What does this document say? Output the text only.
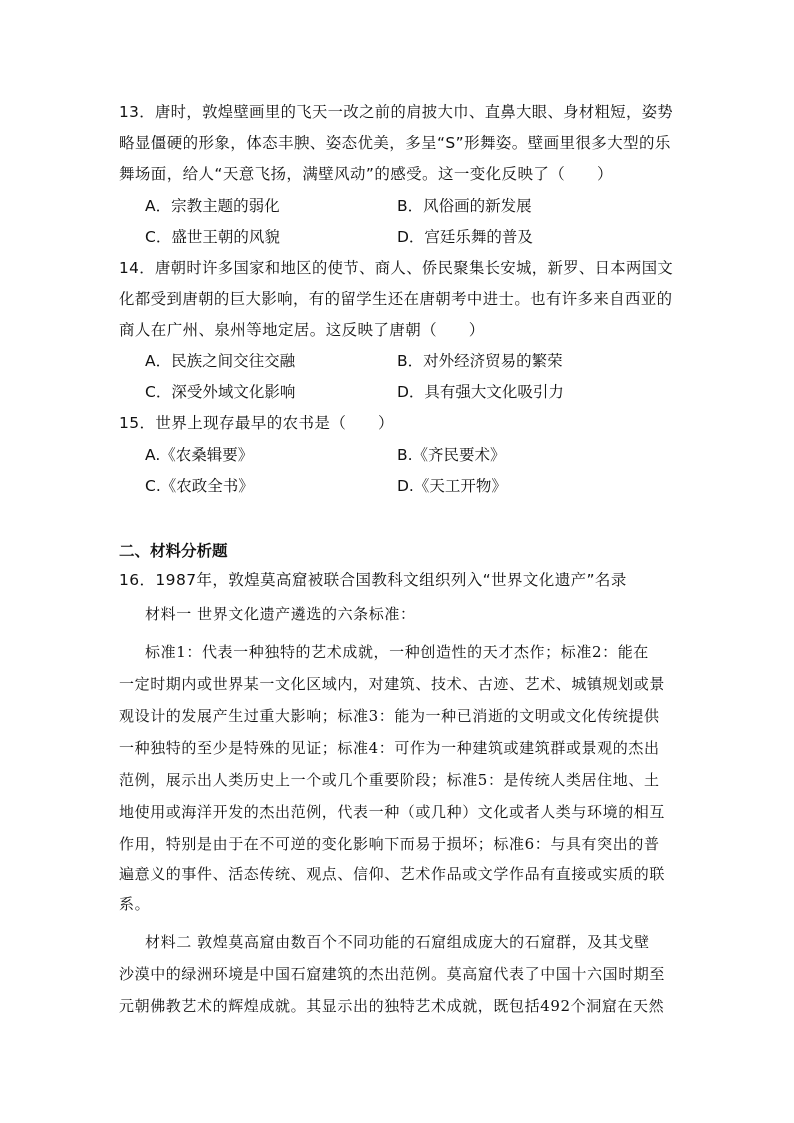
13．唐时，敦煌壁画里的飞天一改之前的肩披大巾、直鼻大眼、身材粗短，姿势
略显僵硬的形象，体态丰腴、姿态优美，多呈“S”形舞姿。壁画里很多大型的乐
舞场面，给人“天意飞扬，满壁风动”的感受。这一变化反映了（　　）
A．宗教主题的弱化	B．风俗画的新发展
C．盛世王朝的风貌	D．宫廷乐舞的普及
14．唐朝时许多国家和地区的使节、商人、侨民聚集长安城，新罗、日本两国文
化都受到唐朝的巨大影响，有的留学生还在唐朝考中进士。也有许多来自西亚的
商人在广州、泉州等地定居。这反映了唐朝（　　）
A．民族之间交往交融	B．对外经济贸易的繁荣
C．深受外域文化影响	D．具有强大文化吸引力
15．世界上现存最早的农书是（　　）
A.《农桑辑要》	B.《齐民要术》
C.《农政全书》	D.《天工开物》
二、材料分析题
16．1987年，敦煌莫高窟被联合国教科文组织列入“世界文化遗产”名录
材料一 世界文化遗产遴选的六条标准：
标准1：代表一种独特的艺术成就，一种创造性的天才杰作；标准2：能在
一定时期内或世界某一文化区域内，对建筑、技术、古迹、艺术、城镇规划或景
观设计的发展产生过重大影响；标准3：能为一种已消逝的文明或文化传统提供
一种独特的至少是特殊的见证；标准4：可作为一种建筑或建筑群或景观的杰出
范例，展示出人类历史上一个或几个重要阶段；标准5：是传统人类居住地、土
地使用或海洋开发的杰出范例，代表一种（或几种）文化或者人类与环境的相互
作用，特别是由于在不可逆的变化影响下而易于损坏；标准6：与具有突出的普
遍意义的事件、活态传统、观点、信仰、艺术作品或文学作品有直接或实质的联
系。
材料二 敦煌莫高窟由数百个不同功能的石窟组成庞大的石窟群，及其戈壁
沙漠中的绿洲环境是中国石窟建筑的杰出范例。莫高窟代表了中国十六国时期至
元朝佛教艺术的辉煌成就。其显示出的独特艺术成就，既包括492个洞窟在天然
